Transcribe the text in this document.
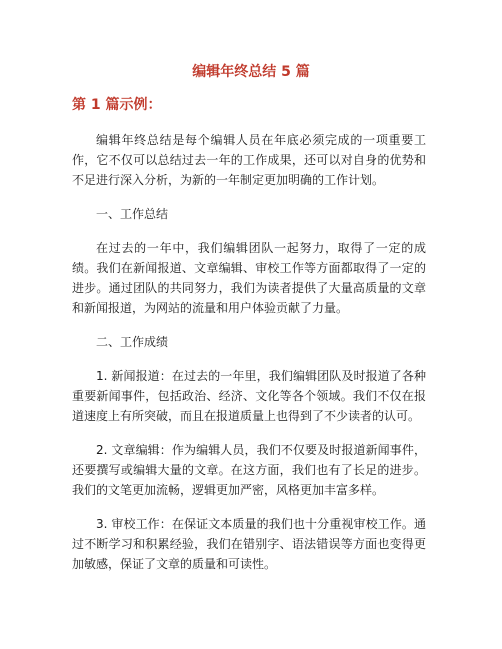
编辑年终总结 5 篇
第 1 篇示例：

编辑年终总结是每个编辑人员在年底必须完成的一项重要工作，它不仅可以总结过去一年的工作成果，还可以对自身的优势和不足进行深入分析，为新的一年制定更加明确的工作计划。

一、工作总结

在过去的一年中，我们编辑团队一起努力，取得了一定的成绩。我们在新闻报道、文章编辑、审校工作等方面都取得了一定的进步。通过团队的共同努力，我们为读者提供了大量高质量的文章和新闻报道，为网站的流量和用户体验贡献了力量。

二、工作成绩

1. 新闻报道：在过去的一年里，我们编辑团队及时报道了各种重要新闻事件，包括政治、经济、文化等各个领域。我们不仅在报道速度上有所突破，而且在报道质量上也得到了不少读者的认可。

2. 文章编辑：作为编辑人员，我们不仅要及时报道新闻事件，还要撰写或编辑大量的文章。在这方面，我们也有了长足的进步。我们的文笔更加流畅，逻辑更加严密，风格更加丰富多样。

3. 审校工作：在保证文本质量的我们也十分重视审校工作。通过不断学习和积累经验，我们在错别字、语法错误等方面也变得更加敏感，保证了文章的质量和可读性。
